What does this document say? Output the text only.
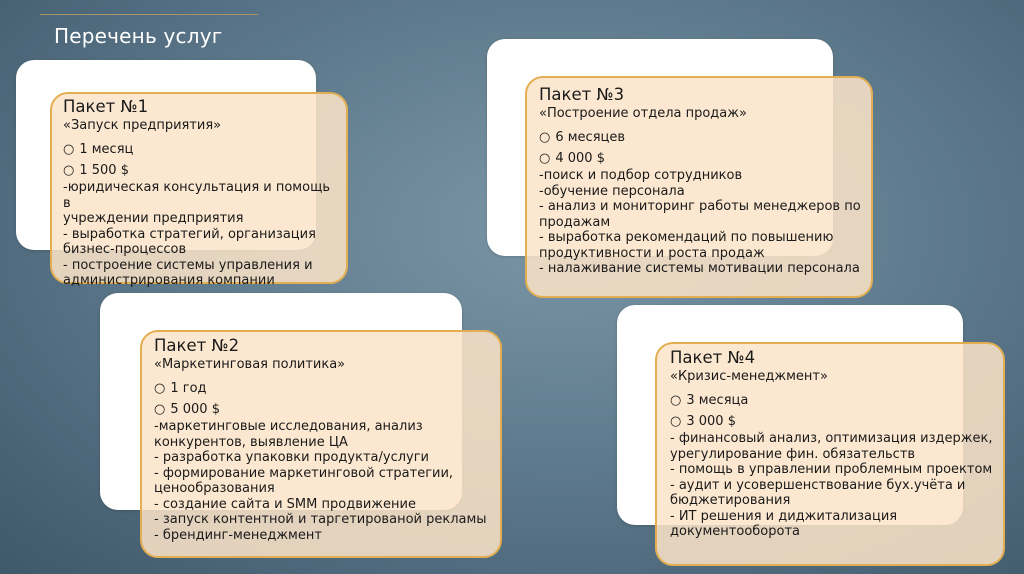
Перечень услуг
Пакет №1
«Запуск предприятия»
○ 1 месяц
○ 1 500 $
-юридическая консультация и помощь в
учреждении предприятия
- выработка стратегий, организация
бизнес-процессов
- построение системы управления и
администрирования компании
Пакет №3
«Построение отдела продаж»
○ 6 месяцев
○ 4 000 $
-поиск и подбор сотрудников
-обучение персонала
- анализ и мониторинг работы менеджеров по
продажам
- выработка рекомендаций по повышению
продуктивности и роста продаж
- налаживание системы мотивации персонала
Пакет №2
«Маркетинговая политика»
○ 1 год
○ 5 000 $
-маркетинговые исследования, анализ
конкурентов, выявление ЦА
- разработка упаковки продукта/услуги
- формирование маркетинговой стратегии,
ценообразования
- создание сайта и SMM продвижение
- запуск контентной и таргетированой рекламы
- брендинг-менеджмент
Пакет №4
«Кризис-менеджмент»
○ 3 месяца
○ 3 000 $
- финансовый анализ, оптимизация издержек,
урегулирование фин. обязательств
- помощь в управлении проблемным проектом
- аудит и усовершенствование бух.учёта и
бюджетирования
- ИТ решения и диджитализация
документооборота
